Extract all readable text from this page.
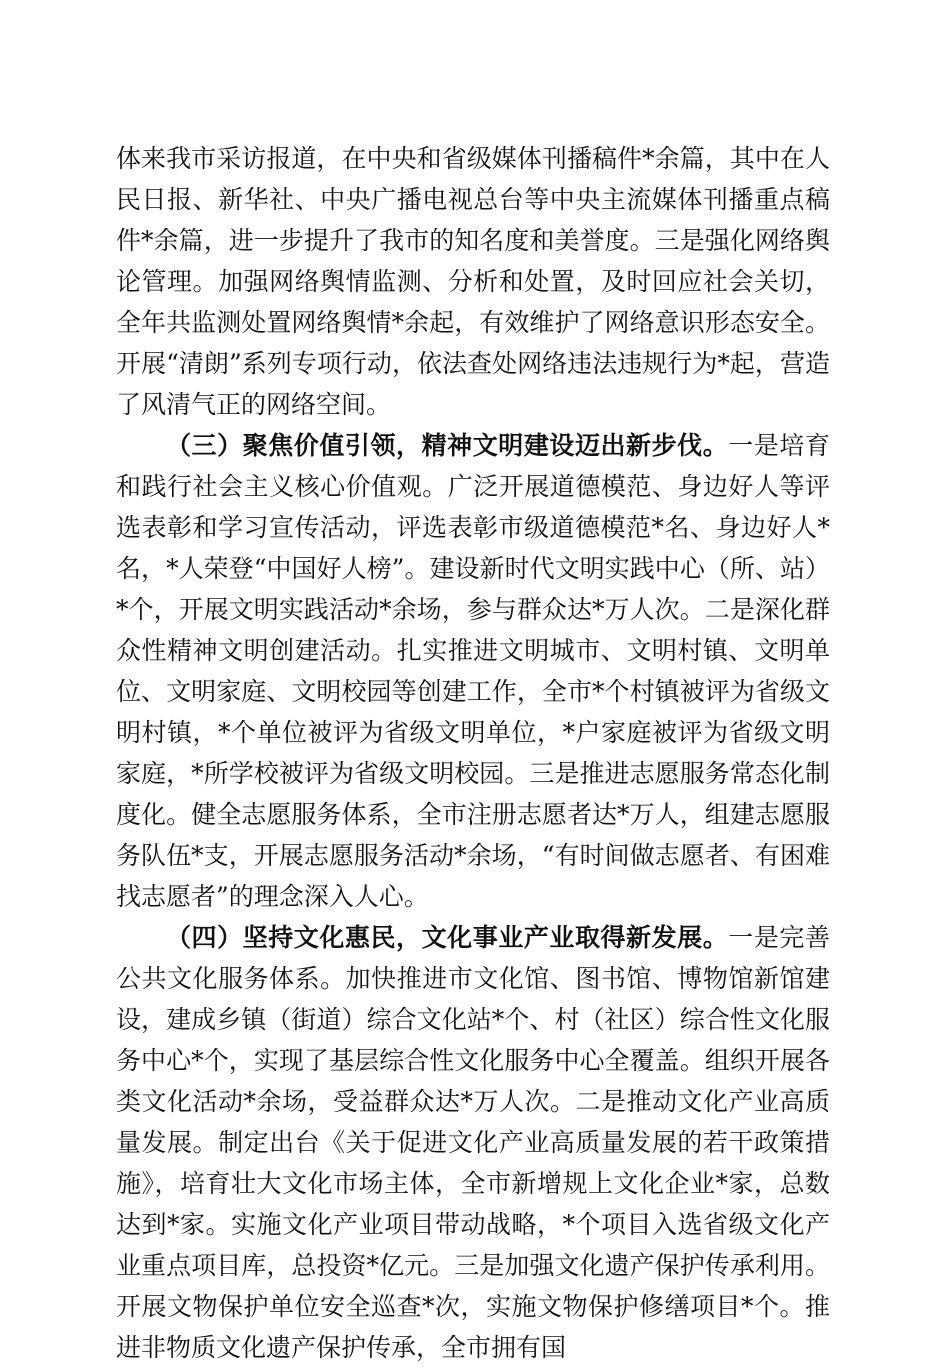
体来我市采访报道，在中央和省级媒体刊播稿件*余篇，其中在人民日报、新华社、中央广播电视总台等中央主流媒体刊播重点稿件*余篇，进一步提升了我市的知名度和美誉度。三是强化网络舆论管理。加强网络舆情监测、分析和处置，及时回应社会关切，全年共监测处置网络舆情*余起，有效维护了网络意识形态安全。开展“清朗”系列专项行动，依法查处网络违法违规行为*起，营造了风清气正的网络空间。

（三）聚焦价值引领，精神文明建设迈出新步伐。一是培育和践行社会主义核心价值观。广泛开展道德模范、身边好人等评选表彰和学习宣传活动，评选表彰市级道德模范*名、身边好人*名，*人荣登“中国好人榜”。建设新时代文明实践中心（所、站）*个，开展文明实践活动*余场，参与群众达*万人次。二是深化群众性精神文明创建活动。扎实推进文明城市、文明村镇、文明单位、文明家庭、文明校园等创建工作，全市*个村镇被评为省级文明村镇，*个单位被评为省级文明单位，*户家庭被评为省级文明家庭，*所学校被评为省级文明校园。三是推进志愿服务常态化制度化。健全志愿服务体系，全市注册志愿者达*万人，组建志愿服务队伍*支，开展志愿服务活动*余场，“有时间做志愿者、有困难找志愿者”的理念深入人心。

（四）坚持文化惠民，文化事业产业取得新发展。一是完善公共文化服务体系。加快推进市文化馆、图书馆、博物馆新馆建设，建成乡镇（街道）综合文化站*个、村（社区）综合性文化服务中心*个，实现了基层综合性文化服务中心全覆盖。组织开展各类文化活动*余场，受益群众达*万人次。二是推动文化产业高质量发展。制定出台《关于促进文化产业高质量发展的若干政策措施》，培育壮大文化市场主体，全市新增规上文化企业*家，总数达到*家。实施文化产业项目带动战略，*个项目入选省级文化产业重点项目库，总投资*亿元。三是加强文化遗产保护传承利用。开展文物保护单位安全巡查*次，实施文物保护修缮项目*个。推进非物质文化遗产保护传承，全市拥有国
